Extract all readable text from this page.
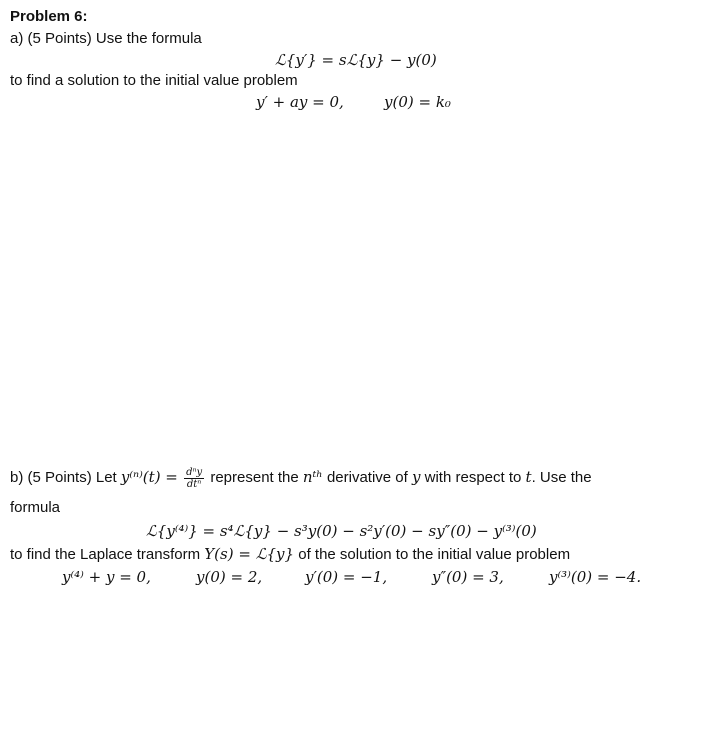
Problem 6:
a) (5 Points) Use the formula
ℒ{y′} = sℒ{y} − y(0)
to find a solution to the initial value problem
y′ + ay = 0,	y(0) = k₀
b) (5 Points) Let $y^{(n)}(t) = \frac{\text{dⁿy}}{\text{dtⁿ}}$ represent the nᵗʰ derivative of y with respect to t. Use the
formula
ℒ{y⁽⁴⁾} = s⁴ℒ{y} − s³y(0) − s²y′(0) − sy″(0) − y⁽³⁾(0)
to find the Laplace transform Y(s) = ℒ{y} of the solution to the initial value problem
y⁽⁴⁾ + y = 0,	y(0) = 2,	y′(0) = −1,	y″(0) = 3,	y⁽³⁾(0) = −4.
